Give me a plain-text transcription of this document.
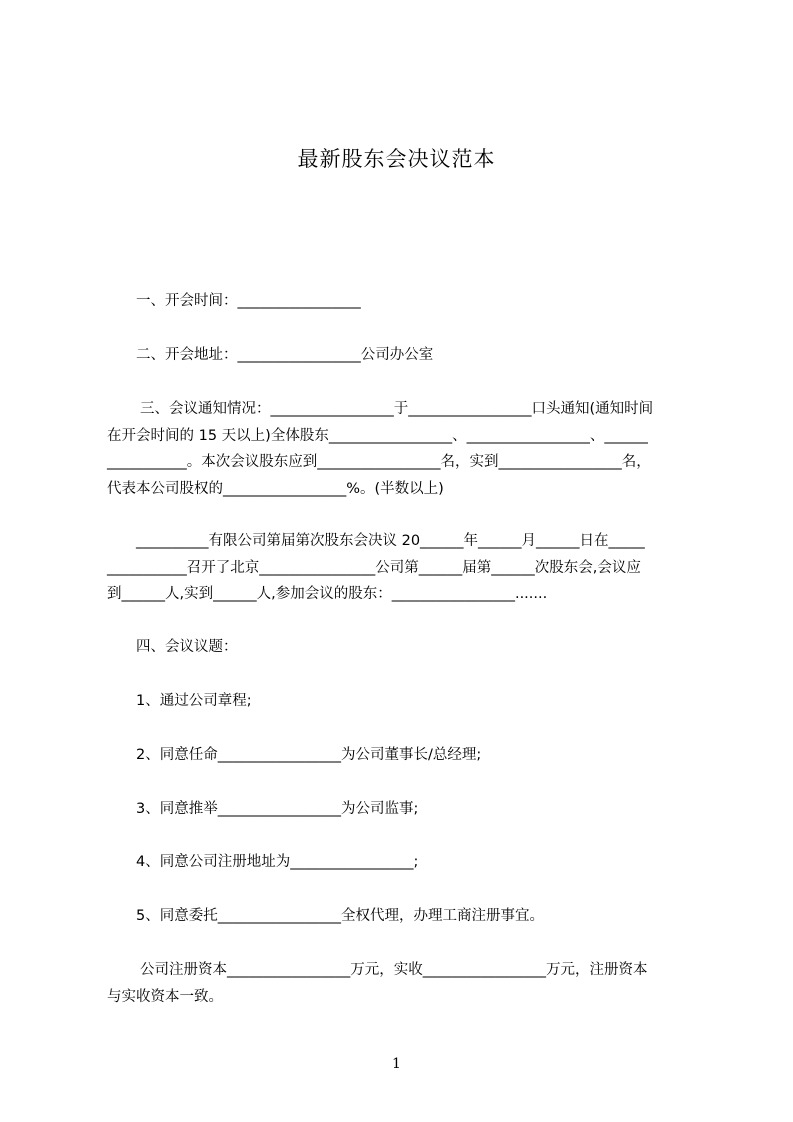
最新股东会决议范本
一、开会时间：_________________
二、开会地址：_________________公司办公室
三、会议通知情况：_________________于_________________口头通知(通知时间
在开会时间的 15 天以上)全体股东_________________、_________________、______
___________。本次会议股东应到_________________名，实到_________________名，
代表本公司股权的_________________%。(半数以上)
__________有限公司第届第次股东会决议 20______年______月______日在_____
___________召开了北京________________公司第______届第______次股东会,会议应
到______人,实到______人,参加会议的股东：_________________.......
四、会议议题：
1、通过公司章程;
2、同意任命_________________为公司董事长/总经理;
3、同意推举_________________为公司监事;
4、同意公司注册地址为_________________;
5、同意委托_________________全权代理，办理工商注册事宜。
公司注册资本_________________万元，实收_________________万元，注册资本
与实收资本一致。
1
